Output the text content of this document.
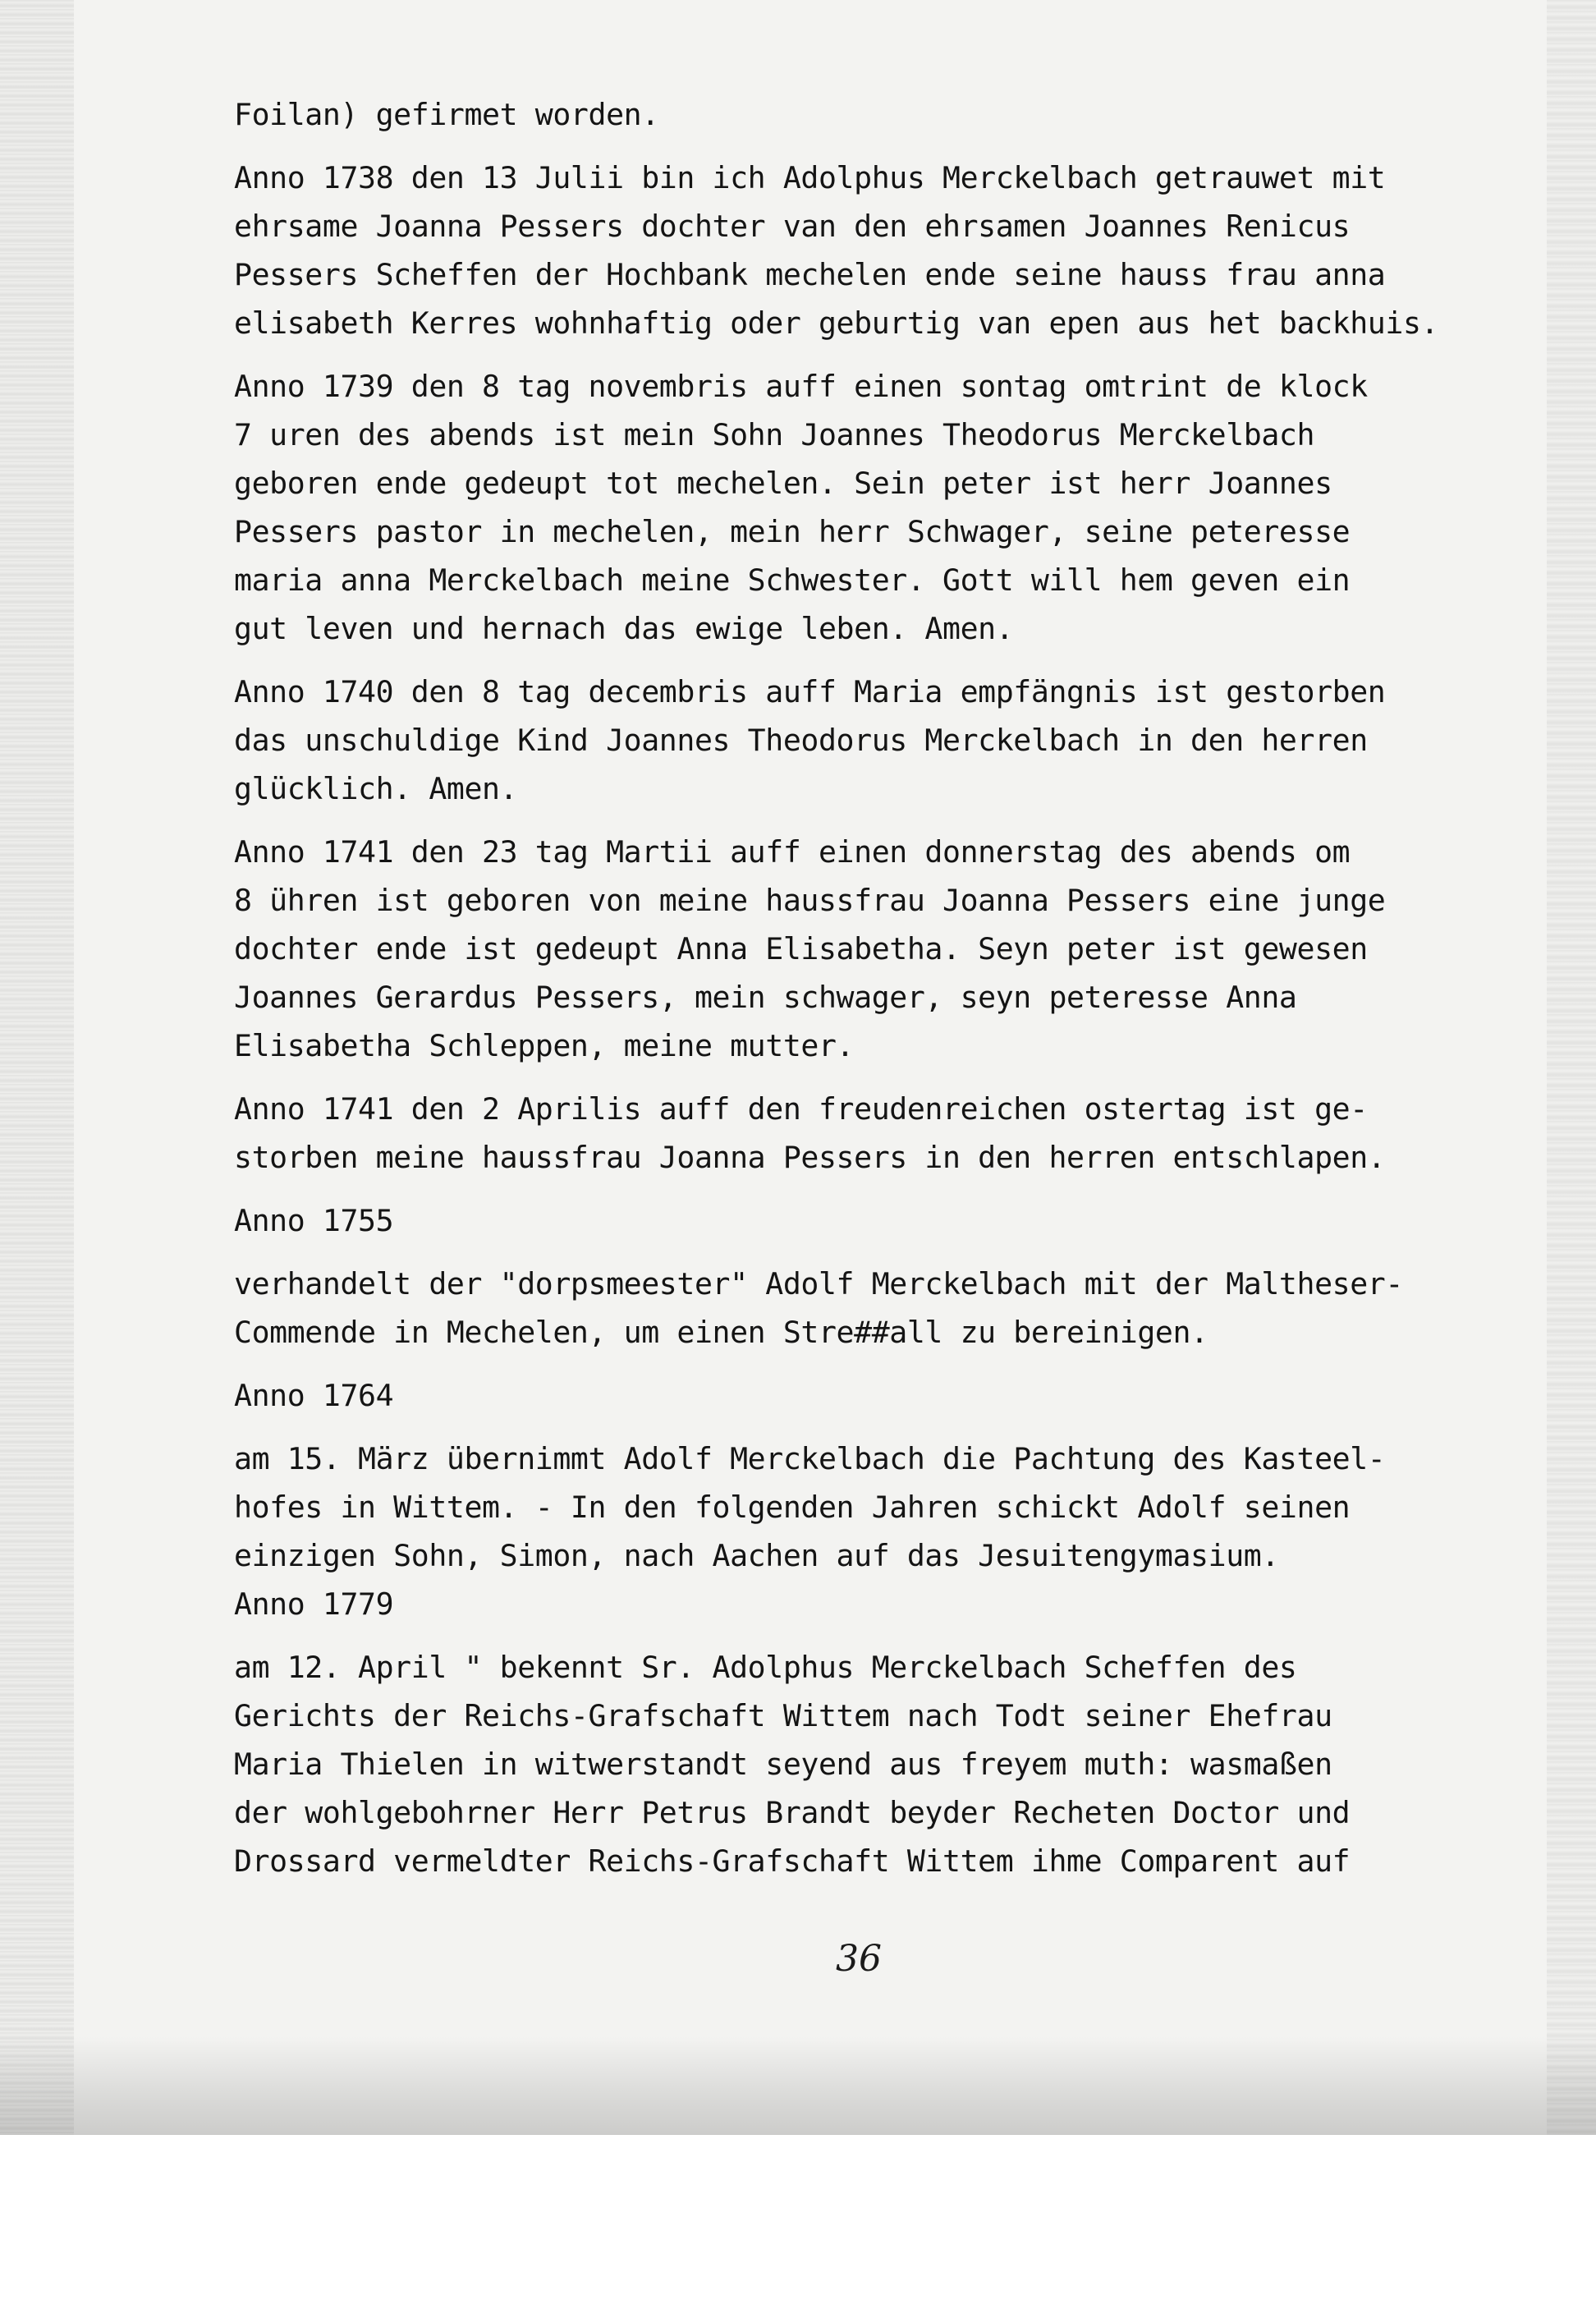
Foilan) gefirmet worden.
Anno 1738 den 13 Julii bin ich Adolphus Merckelbach getrauwet mit
ehrsame Joanna Pessers dochter van den ehrsamen Joannes Renicus
Pessers Scheffen der Hochbank mechelen ende seine hauss frau anna
elisabeth Kerres wohnhaftig oder geburtig van epen aus het backhuis.
Anno 1739 den 8 tag novembris auff einen sontag omtrint de klock
7 uren des abends ist mein Sohn Joannes Theodorus Merckelbach
geboren ende gedeupt tot mechelen. Sein peter ist herr Joannes
Pessers pastor in mechelen, mein herr Schwager, seine peteresse
maria anna Merckelbach meine Schwester. Gott will hem geven ein
gut leven und hernach das ewige leben. Amen.
Anno 1740 den 8 tag decembris auff Maria empfängnis ist gestorben
das unschuldige Kind Joannes Theodorus Merckelbach in den herren
glücklich. Amen.
Anno 1741 den 23 tag Martii auff einen donnerstag des abends om
8 ühren ist geboren von meine haussfrau Joanna Pessers eine junge
dochter ende ist gedeupt Anna Elisabetha. Seyn peter ist gewesen
Joannes Gerardus Pessers, mein schwager, seyn peteresse Anna
Elisabetha Schleppen, meine mutter.
Anno 1741 den 2 Aprilis auff den freudenreichen ostertag ist ge-
storben meine haussfrau Joanna Pessers in den herren entschlapen.
Anno 1755
verhandelt der "dorpsmeester" Adolf Merckelbach mit der Maltheser-
Commende in Mechelen, um einen Stre##all zu bereinigen.
Anno 1764
am 15. März übernimmt Adolf Merckelbach die Pachtung des Kasteel-
hofes in Wittem. - In den folgenden Jahren schickt Adolf seinen
einzigen Sohn, Simon, nach Aachen auf das Jesuitengymasium.
Anno 1779
am 12. April " bekennt Sr. Adolphus Merckelbach Scheffen des
Gerichts der Reichs-Grafschaft Wittem nach Todt seiner Ehefrau
Maria Thielen in witwerstandt seyend aus freyem muth: wasmaßen
der wohlgebohrner Herr Petrus Brandt beyder Recheten Doctor und
Drossard vermeldter Reichs-Grafschaft Wittem ihme Comparent auf
36
